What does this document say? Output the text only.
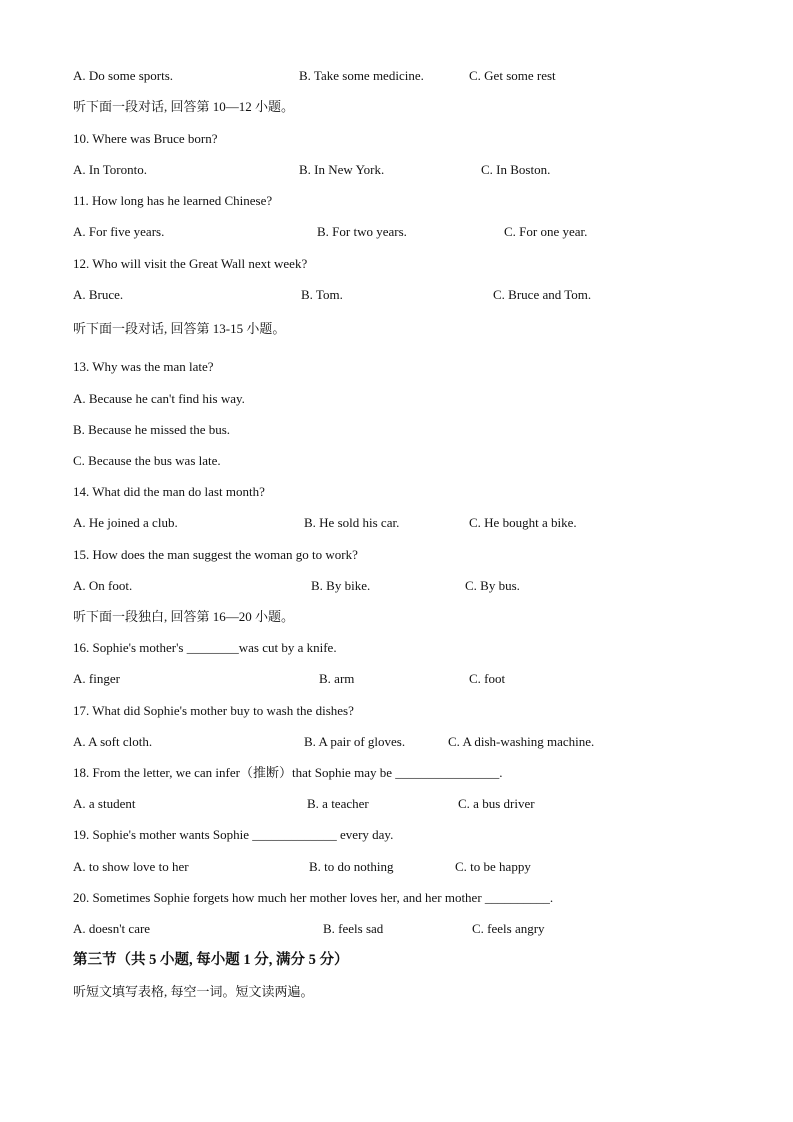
A. Do some sports.	B. Take some medicine.	C. Get some rest
听下面一段对话, 回答第 10—12 小题。
10. Where was Bruce born?
A. In Toronto.	B. In New York.	C. In Boston.
11. How long has he learned Chinese?
A. For five years.	B. For two years.	C. For one year.
12. Who will visit the Great Wall next week?
A. Bruce.	B. Tom.	C. Bruce and Tom.
听下面一段对话, 回答第 13-15 小题。
13. Why was the man late?
A. Because he can't find his way.
B. Because he missed the bus.
C. Because the bus was late.
14. What did the man do last month?
A. He joined a club.	B. He sold his car.	C. He bought a bike.
15. How does the man suggest the woman go to work?
A. On foot.	B. By bike.	C. By bus.
听下面一段独白, 回答第 16—20 小题。
16. Sophie's mother's ________was cut by a knife.
A. finger	B. arm	C. foot
17. What did Sophie's mother buy to wash the dishes?
A. A soft cloth.	B. A pair of gloves.	C. A dish-washing machine.
18. From the letter, we can infer（推断）that Sophie may be ________________.
A. a student	B. a teacher	C. a bus driver
19. Sophie's mother wants Sophie _____________ every day.
A. to show love to her	B. to do nothing	C. to be happy
20. Sometimes Sophie forgets how much her mother loves her, and her mother __________.
A. doesn't care	B. feels sad	C. feels angry
第三节（共 5 小题, 每小题 1 分, 满分 5 分）
听短文填写表格, 每空一词。短文读两遍。
